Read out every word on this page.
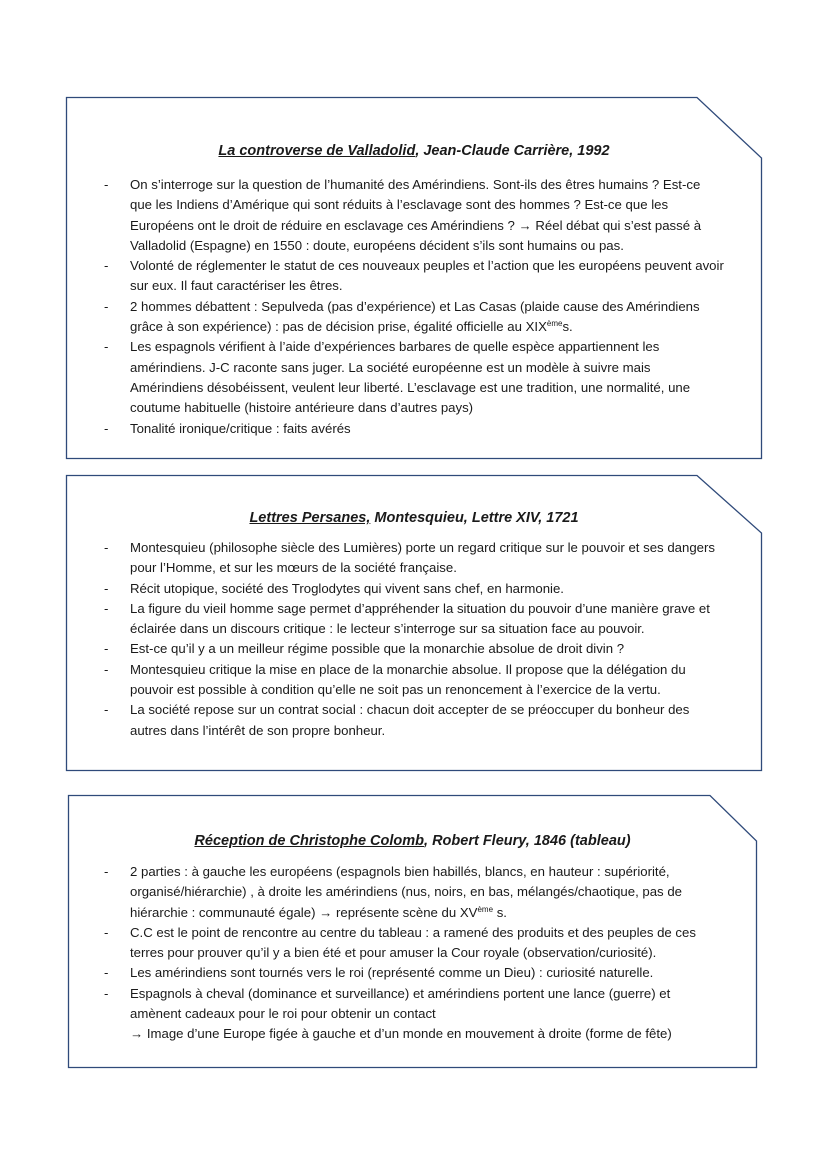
La controverse de Valladolid, Jean-Claude Carrière, 1992
- On s’interroge sur la question de l’humanité des Amérindiens. Sont-ils des êtres humains ? Est-ce que les Indiens d’Amérique qui sont réduits à l’esclavage sont des hommes ? Est-ce que les Européens ont le droit de réduire en esclavage ces Amérindiens ? → Réel débat qui s’est passé à Valladolid (Espagne) en 1550 : doute, européens décident s’ils sont humains ou pas.
- Volonté de réglementer le statut de ces nouveaux peuples et l’action que les européens peuvent avoir sur eux. Il faut caractériser les êtres.
- 2 hommes débattent : Sepulveda (pas d’expérience) et Las Casas (plaide cause des Amérindiens grâce à son expérience) : pas de décision prise, égalité officielle au XIXèmes.
- Les espagnols vérifient à l’aide d’expériences barbares de quelle espèce appartiennent les amérindiens. J-C raconte sans juger. La société européenne est un modèle à suivre mais Amérindiens désobéissent, veulent leur liberté. L’esclavage est une tradition, une normalité, une coutume habituelle (histoire antérieure dans d’autres pays)
- Tonalité ironique/critique : faits avérés
Lettres Persanes, Montesquieu, Lettre XIV, 1721
- Montesquieu (philosophe siècle des Lumières) porte un regard critique sur le pouvoir et ses dangers pour l’Homme, et sur les mœurs de la société française.
- Récit utopique, société des Troglodytes qui vivent sans chef, en harmonie.
- La figure du vieil homme sage permet d’appréhender la situation du pouvoir d’une manière grave et éclairée dans un discours critique : le lecteur s’interroge sur sa situation face au pouvoir.
- Est-ce qu’il y a un meilleur régime possible que la monarchie absolue de droit divin ?
- Montesquieu critique la mise en place de la monarchie absolue. Il propose que la délégation du pouvoir est possible à condition qu’elle ne soit pas un renoncement à l’exercice de la vertu.
- La société repose sur un contrat social : chacun doit accepter de se préoccuper du bonheur des autres dans l’intérêt de son propre bonheur.
Réception de Christophe Colomb, Robert Fleury, 1846 (tableau)
- 2 parties : à gauche les européens (espagnols bien habillés, blancs, en hauteur : supériorité, organisé/hiérarchie) , à droite les amérindiens (nus, noirs, en bas, mélangés/chaotique, pas de hiérarchie : communauté égale) → représente scène du XVème s.
- C.C est le point de rencontre au centre du tableau : a ramené des produits et des peuples de ces terres pour prouver qu’il y a bien été et pour amuser la Cour royale (observation/curiosité).
- Les amérindiens sont tournés vers le roi (représenté comme un Dieu) : curiosité naturelle.
- Espagnols à cheval (dominance et surveillance) et amérindiens portent une lance (guerre) et amènent cadeaux pour le roi pour obtenir un contact
→ Image d’une Europe figée à gauche et d’un monde en mouvement à droite (forme de fête)
